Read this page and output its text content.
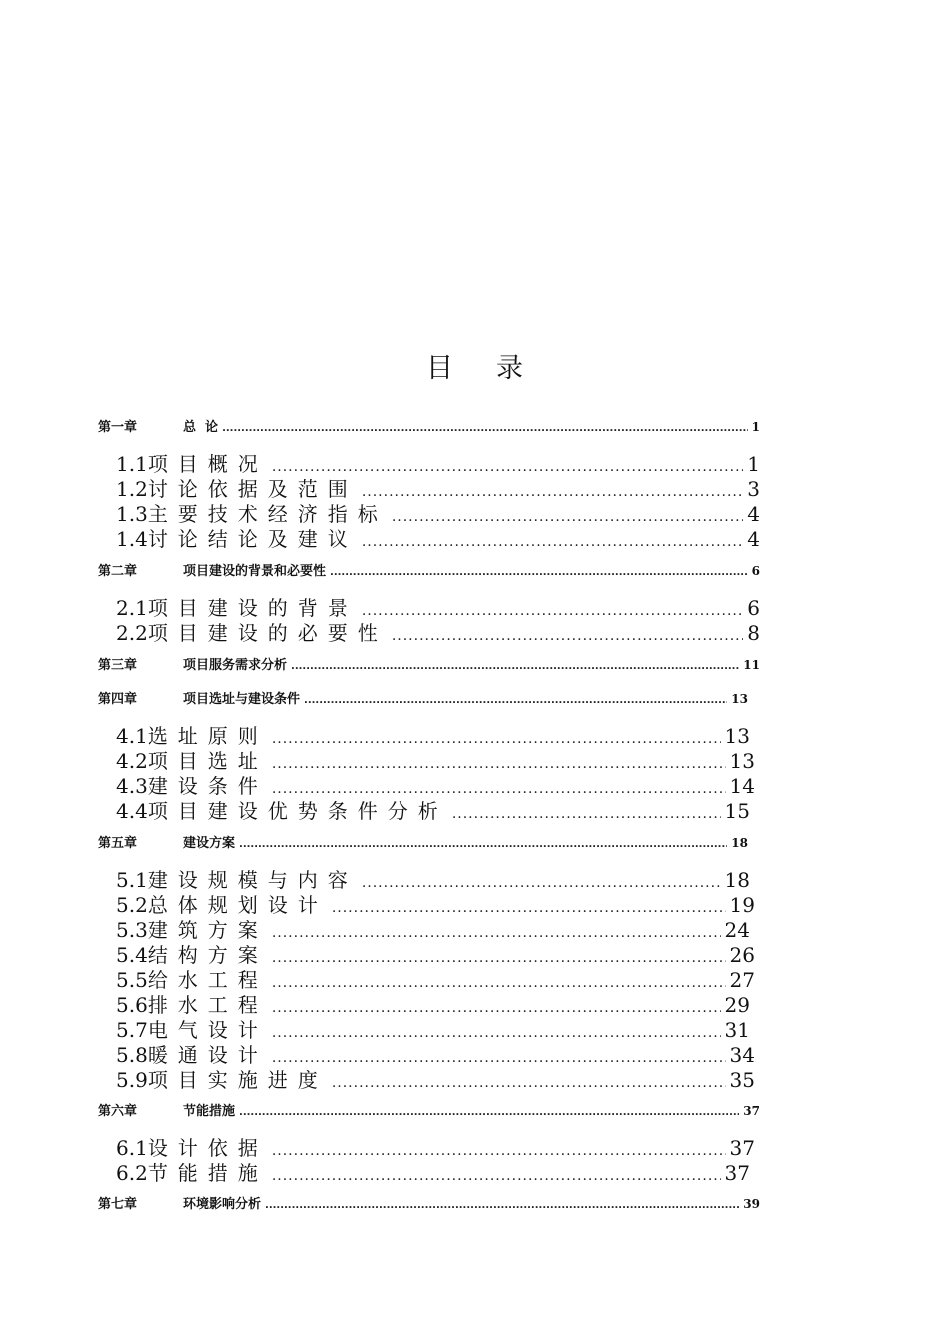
目 录
第一章	总  论 .....	1
1.1 项目概况 .....	1
1.2 讨论依据及范围 .....	3
1.3 主要技术经济指标 .....	4
1.4 讨论结论及建议 .....	4
第二章	项目建设的背景和必要性 .....	6
2.1 项目建设的背景 .....	6
2.2 项目建设的必要性 .....	8
第三章	项目服务需求分析 .....	11
第四章	项目选址与建设条件 .....	13
4.1 选址原则 .....	13
4.2 项目选址 .....	13
4.3 建设条件 .....	14
4.4 项目建设优势条件分析 .....	15
第五章	建设方案 .....	18
5.1 建设规模与内容 .....	18
5.2 总体规划设计 .....	19
5.3 建筑方案 .....	24
5.4 结构方案 .....	26
5.5 给水工程 .....	27
5.6 排水工程 .....	29
5.7 电气设计 .....	31
5.8 暖通设计 .....	34
5.9 项目实施进度 .....	35
第六章	节能措施 .....	37
6.1 设计依据 .....	37
6.2 节能措施 .....	37
第七章	环境影响分析 .....	39
